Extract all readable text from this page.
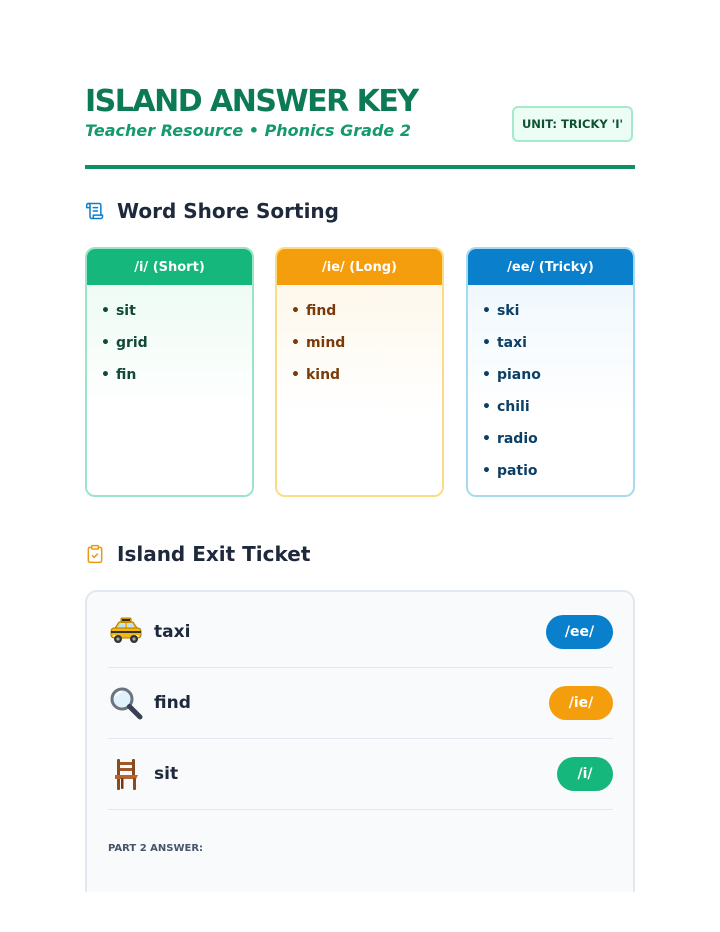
ISLAND ANSWER KEY
Teacher Resource • Phonics Grade 2	UNIT: TRICKY 'I'
Word Shore Sorting
/i/ (Short)
• sit
• grid
• fin
/ie/ (Long)
• find
• mind
• kind
/ee/ (Tricky)
• ski
• taxi
• piano
• chili
• radio
• patio
Island Exit Ticket
taxi	/ee/
find	/ie/
sit	/i/
PART 2 ANSWER:
